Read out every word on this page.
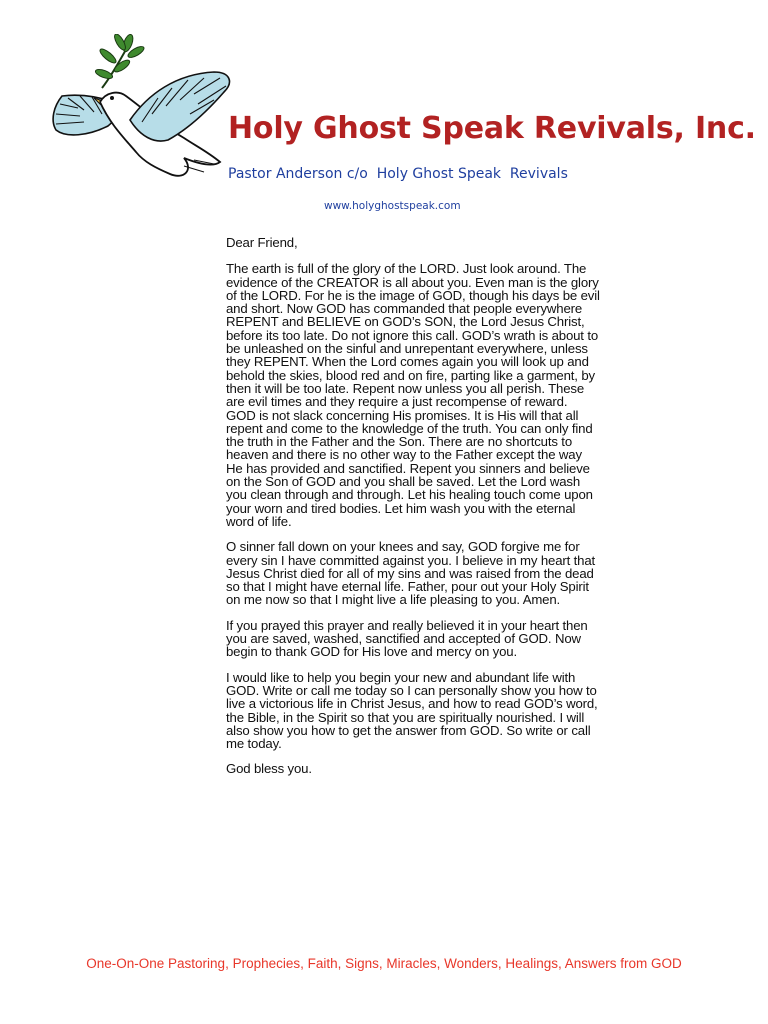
Holy Ghost Speak Revivals, Inc.
Pastor Anderson c/o  Holy Ghost Speak  Revivals
www.holyghostspeak.com

Dear Friend,

The earth is full of the glory of the LORD. Just look around. The evidence of the CREATOR is all about you. Even man is the glory of the LORD. For he is the image of GOD, though his days be evil and short. Now GOD has commanded that people everywhere REPENT and BELIEVE on GOD’s SON, the Lord Jesus Christ, before its too late. Do not ignore this call. GOD’s wrath is about to be unleashed on the sinful and unrepentant everywhere, unless they REPENT. When the Lord comes again you will look up and behold the skies, blood red and on fire, parting like a garment, by then it will be too late. Repent now unless you all perish. These are evil times and they require a just recompense of reward. GOD is not slack concerning His promises. It is His will that all repent and come to the knowledge of the truth. You can only find the truth in the Father and the Son. There are no shortcuts to heaven and there is no other way to the Father except the way He has provided and sanctified. Repent you sinners and believe on the Son of GOD and you shall be saved. Let the Lord wash you clean through and through. Let his healing touch come upon your worn and tired bodies. Let him wash you with the eternal word of life.

O sinner fall down on your knees and say, GOD forgive me for every sin I have committed against you. I believe in my heart that Jesus Christ died for all of my sins and was raised from the dead so that I might have eternal life. Father, pour out your Holy Spirit on me now so that I might live a life pleasing to you. Amen.

If you prayed this prayer and really believed it in your heart then you are saved, washed, sanctified and accepted of GOD. Now begin to thank GOD for His love and mercy on you.

I would like to help you begin your new and abundant life with GOD. Write or call me today so I can personally show you how to live a victorious life in Christ Jesus, and how to read GOD’s word, the Bible, in the Spirit so that you are spiritually nourished. I will also show you how to get the answer from GOD. So write or call me today.

God bless you.

One-On-One Pastoring, Prophecies, Faith, Signs, Miracles, Wonders, Healings, Answers from GOD
